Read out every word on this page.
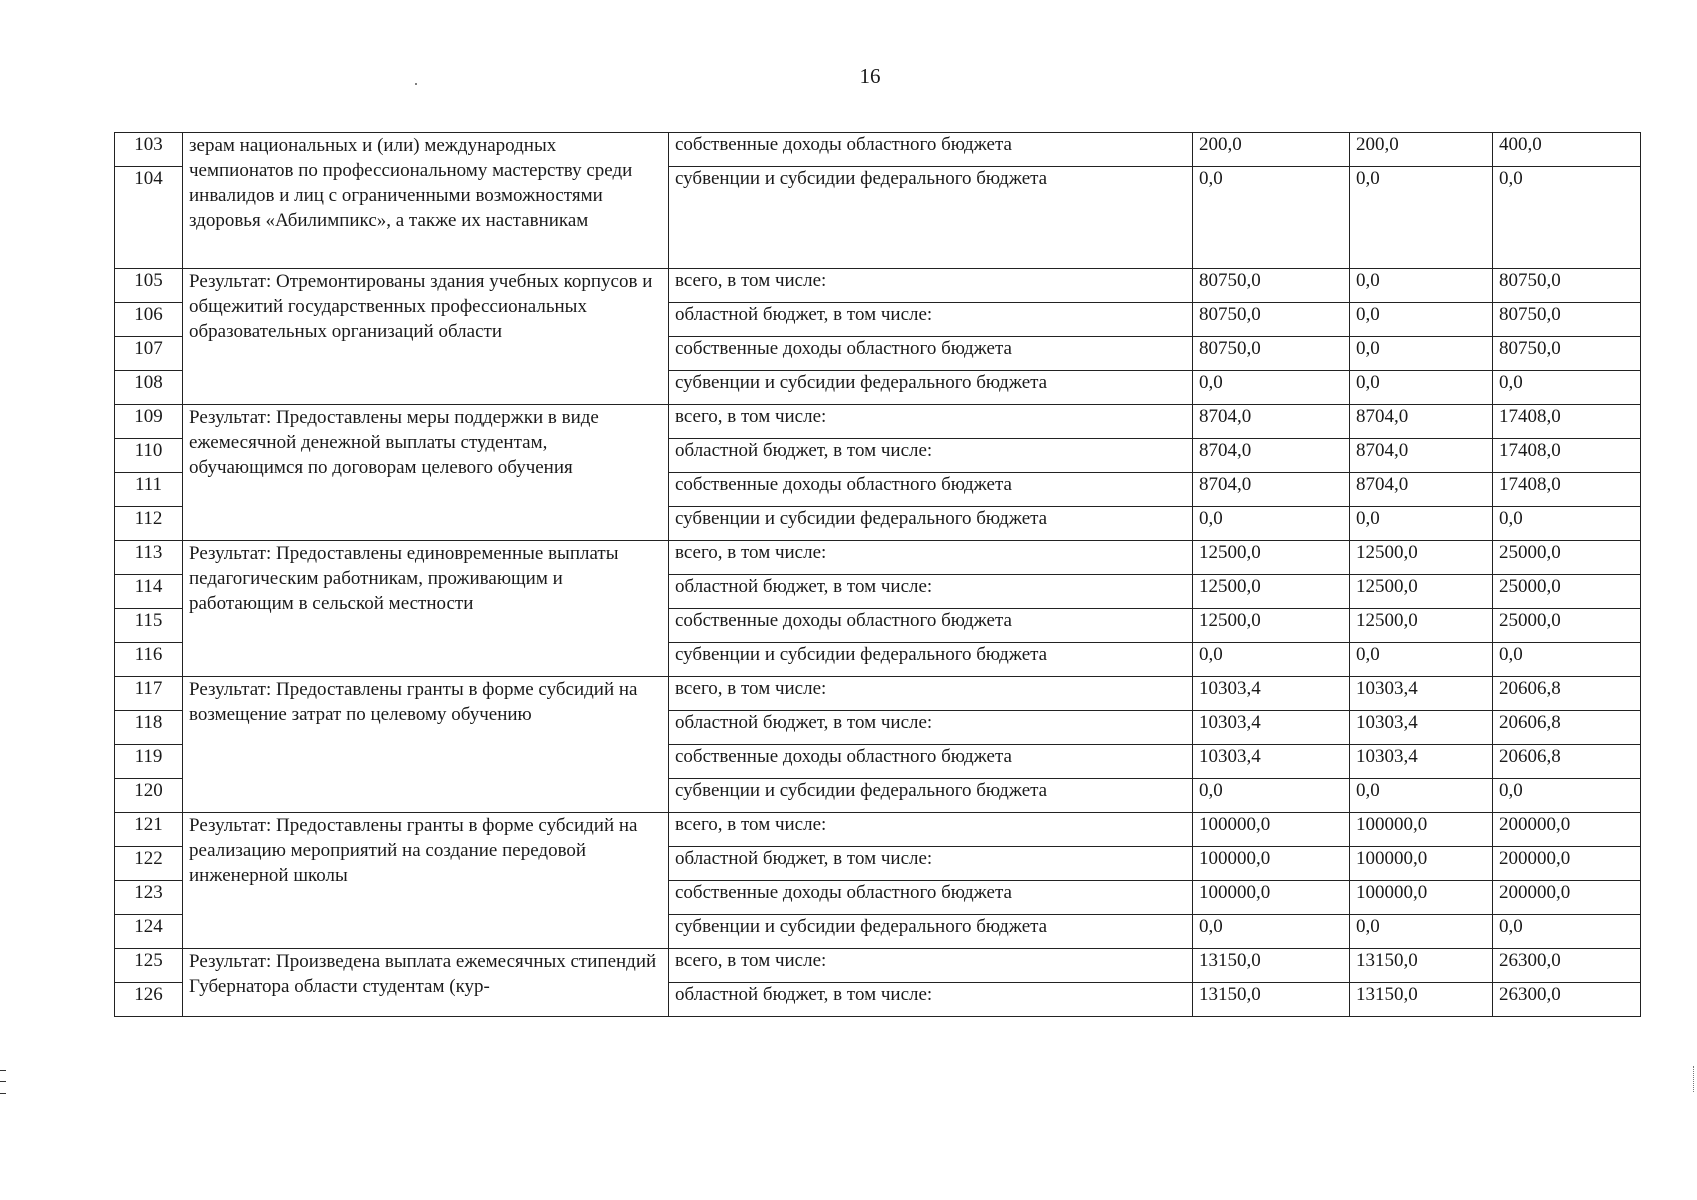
16
103	зерам национальных и (или) международных чемпионатов по профессиональному мастерству среди инвалидов и лиц с ограниченными возможностями здоровья «Абилимпикс», а также их наставникам	собственные доходы областного бюджета	200,0	200,0	400,0
104		субвенции и субсидии федерального бюджета	0,0	0,0	0,0
105	Результат: Отремонтированы здания учебных корпусов и общежитий государственных профессиональных образовательных организаций области	всего, в том числе:	80750,0	0,0	80750,0
106		областной бюджет, в том числе:	80750,0	0,0	80750,0
107		собственные доходы областного бюджета	80750,0	0,0	80750,0
108		субвенции и субсидии федерального бюджета	0,0	0,0	0,0
109	Результат: Предоставлены меры поддержки в виде ежемесячной денежной выплаты студентам, обучающимся по договорам целевого обучения	всего, в том числе:	8704,0	8704,0	17408,0
110		областной бюджет, в том числе:	8704,0	8704,0	17408,0
111		собственные доходы областного бюджета	8704,0	8704,0	17408,0
112		субвенции и субсидии федерального бюджета	0,0	0,0	0,0
113	Результат: Предоставлены единовременные выплаты педагогическим работникам, проживающим и работающим в сельской местности	всего, в том числе:	12500,0	12500,0	25000,0
114		областной бюджет, в том числе:	12500,0	12500,0	25000,0
115		собственные доходы областного бюджета	12500,0	12500,0	25000,0
116		субвенции и субсидии федерального бюджета	0,0	0,0	0,0
117	Результат: Предоставлены гранты в форме субсидий на возмещение затрат по целевому обучению	всего, в том числе:	10303,4	10303,4	20606,8
118		областной бюджет, в том числе:	10303,4	10303,4	20606,8
119		собственные доходы областного бюджета	10303,4	10303,4	20606,8
120		субвенции и субсидии федерального бюджета	0,0	0,0	0,0
121	Результат: Предоставлены гранты в форме субсидий на реализацию мероприятий на создание передовой инженерной школы	всего, в том числе:	100000,0	100000,0	200000,0
122		областной бюджет, в том числе:	100000,0	100000,0	200000,0
123		собственные доходы областного бюджета	100000,0	100000,0	200000,0
124		субвенции и субсидии федерального бюджета	0,0	0,0	0,0
125	Результат: Произведена выплата ежемесячных стипендий Губернатора области студентам (кур-	всего, в том числе:	13150,0	13150,0	26300,0
126		областной бюджет, в том числе:	13150,0	13150,0	26300,0
